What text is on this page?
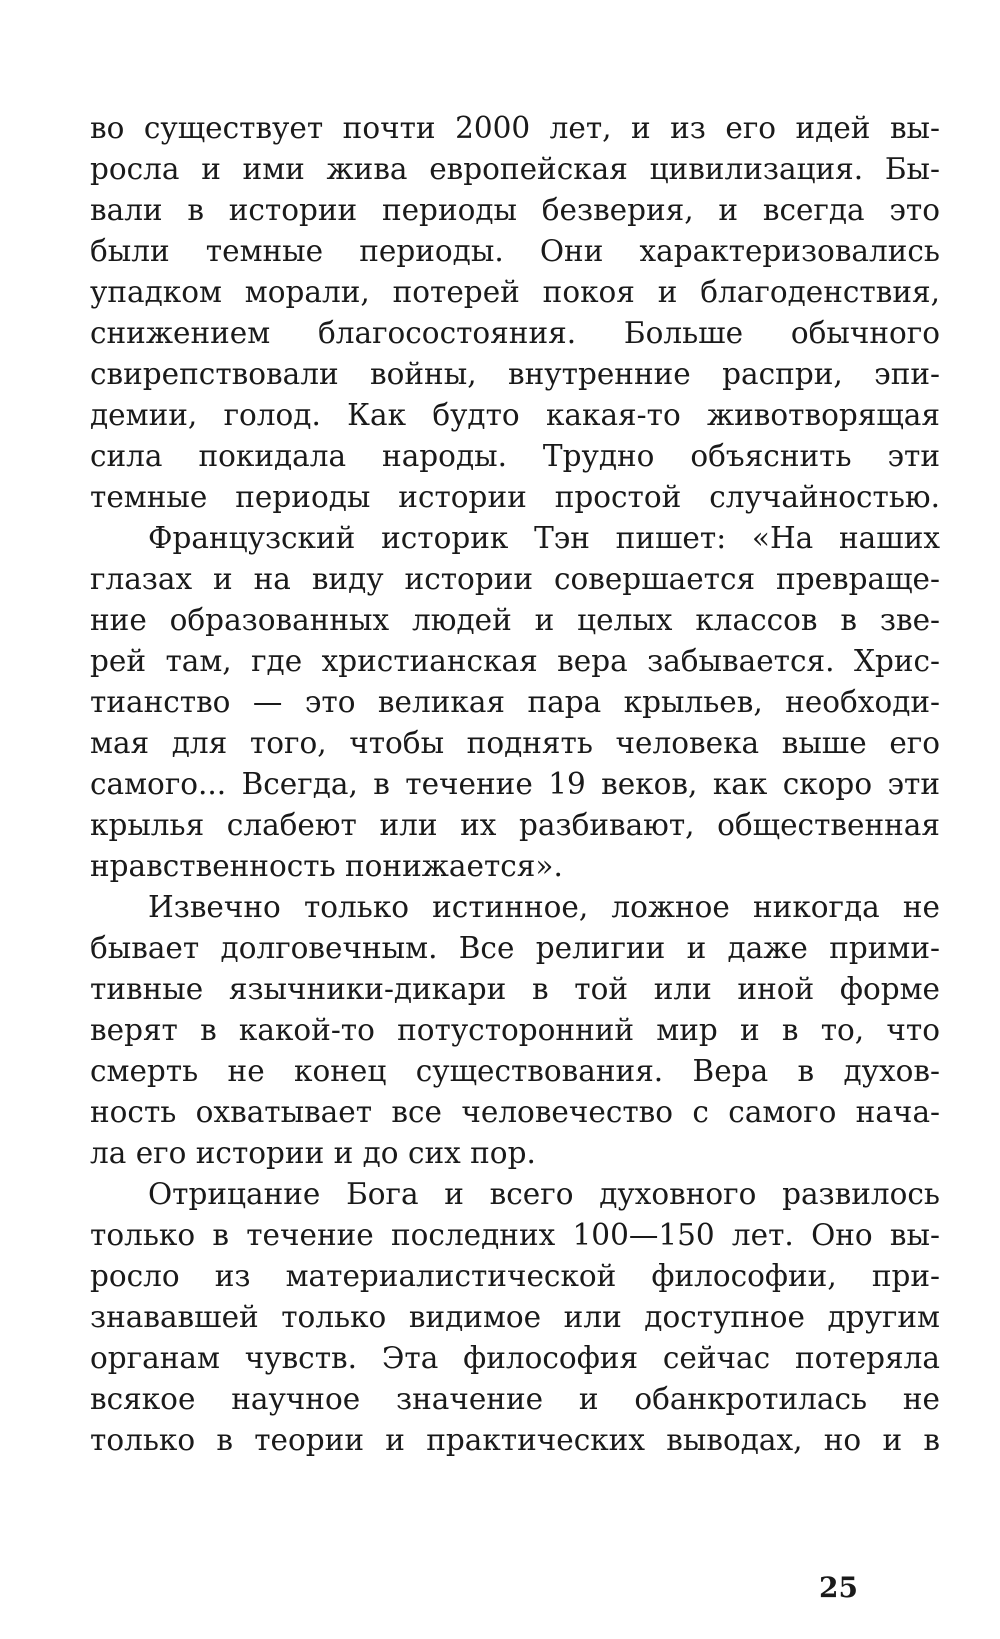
во существует почти 2000 лет, и из его идей вы-
росла и ими жива европейская цивилизация. Бы-
вали в истории периоды безверия, и всегда это
были темные периоды. Они характеризовались
упадком морали, потерей покоя и благоденствия,
снижением благосостояния. Больше обычного
свирепствовали войны, внутренние распри, эпи-
демии, голод. Как будто какая-то животворящая
сила покидала народы. Трудно объяснить эти
темные периоды истории простой случайностью.
Французский историк Тэн пишет: «На наших
глазах и на виду истории совершается превраще-
ние образованных людей и целых классов в зве-
рей там, где христианская вера забывается. Хрис-
тианство — это великая пара крыльев, необходи-
мая для того, чтобы поднять человека выше его
самого... Всегда, в течение 19 веков, как скоро эти
крылья слабеют или их разбивают, общественная
нравственность понижается».
Извечно только истинное, ложное никогда не
бывает долговечным. Все религии и даже прими-
тивные язычники-дикари в той или иной форме
верят в какой-то потусторонний мир и в то, что
смерть не конец существования. Вера в духов-
ность охватывает все человечество с самого нача-
ла его истории и до сих пор.
Отрицание Бога и всего духовного развилось
только в течение последних 100—150 лет. Оно вы-
росло из материалистической философии, при-
знававшей только видимое или доступное другим
органам чувств. Эта философия сейчас потеряла
всякое научное значение и обанкротилась не
только в теории и практических выводах, но и в
25
